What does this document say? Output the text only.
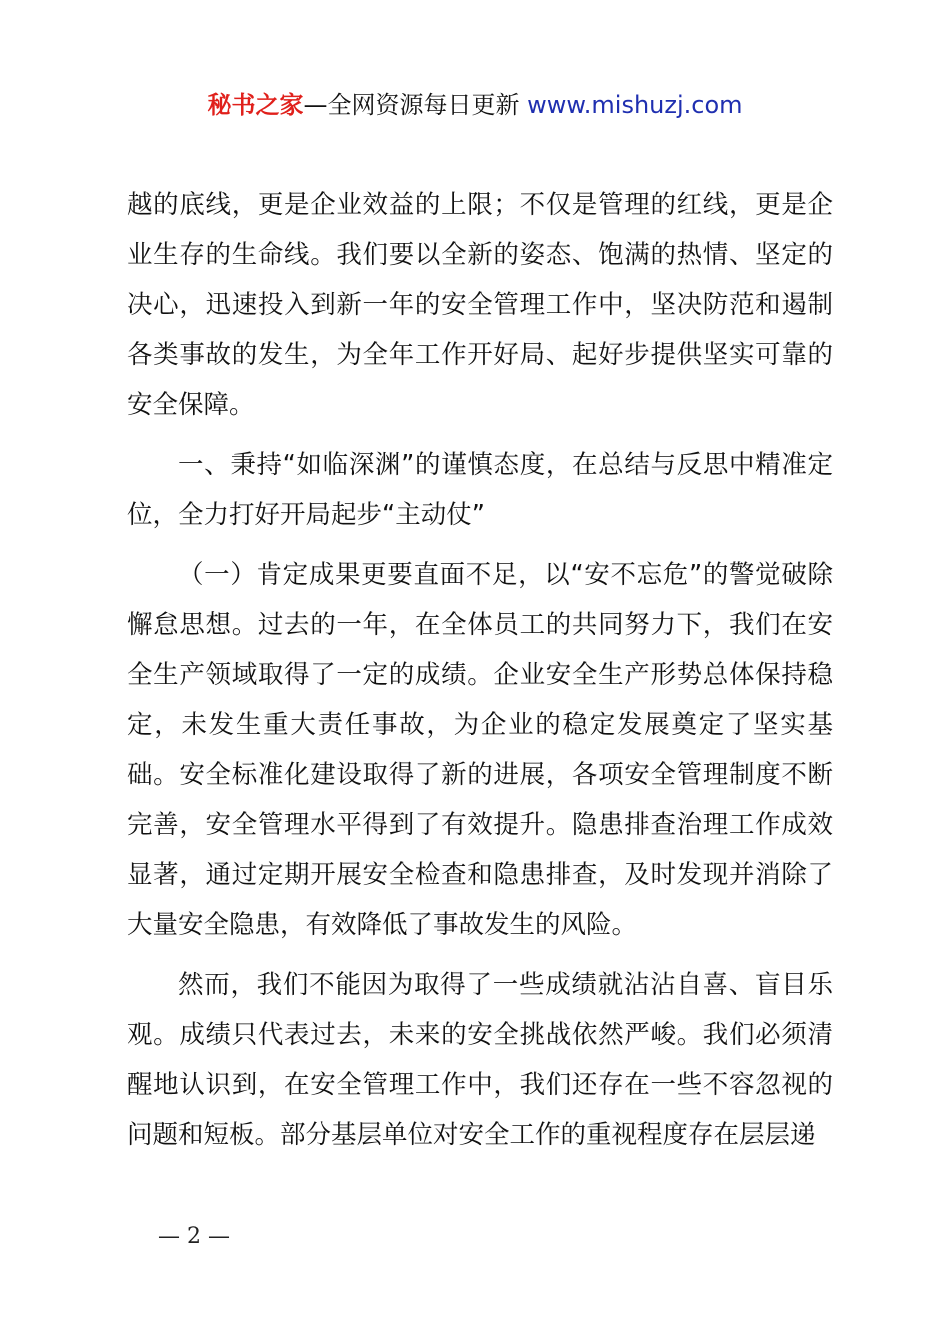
秘书之家—全网资源每日更新 www.mishuzj.com

越的底线，更是企业效益的上限；不仅是管理的红线，更是企业生存的生命线。我们要以全新的姿态、饱满的热情、坚定的决心，迅速投入到新一年的安全管理工作中，坚决防范和遏制各类事故的发生，为全年工作开好局、起好步提供坚实可靠的安全保障。

一、秉持“如临深渊”的谨慎态度，在总结与反思中精准定位，全力打好开局起步“主动仗”

（一）肯定成果更要直面不足，以“安不忘危”的警觉破除懈怠思想。过去的一年，在全体员工的共同努力下，我们在安全生产领域取得了一定的成绩。企业安全生产形势总体保持稳定，未发生重大责任事故，为企业的稳定发展奠定了坚实基础。安全标准化建设取得了新的进展，各项安全管理制度不断完善，安全管理水平得到了有效提升。隐患排查治理工作成效显著，通过定期开展安全检查和隐患排查，及时发现并消除了大量安全隐患，有效降低了事故发生的风险。

然而，我们不能因为取得了一些成绩就沾沾自喜、盲目乐观。成绩只代表过去，未来的安全挑战依然严峻。我们必须清醒地认识到，在安全管理工作中，我们还存在一些不容忽视的问题和短板。部分基层单位对安全工作的重视程度存在层层递

— 2 —
